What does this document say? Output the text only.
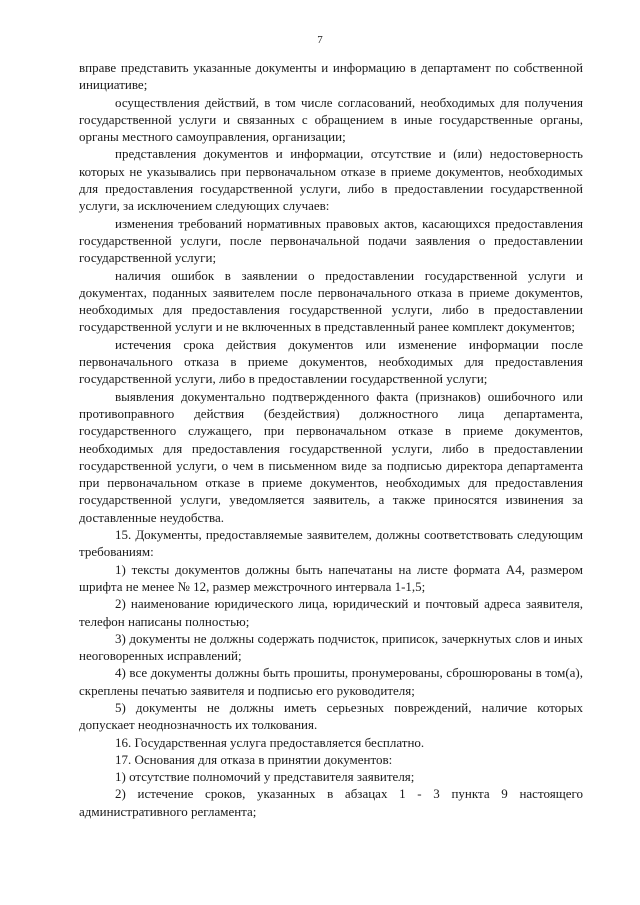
7

вправе представить указанные документы и информацию в департамент по собственной инициативе;

осуществления действий, в том числе согласований, необходимых для получения государственной услуги и связанных с обращением в иные государственные органы, органы местного самоуправления, организации;

представления документов и информации, отсутствие и (или) недостоверность которых не указывались при первоначальном отказе в приеме документов, необходимых для предоставления государственной услуги, либо в предоставлении государственной услуги, за исключением следующих случаев:

изменения требований нормативных правовых актов, касающихся предоставления государственной услуги, после первоначальной подачи заявления о предоставлении государственной услуги;

наличия ошибок в заявлении о предоставлении государственной услуги и документах, поданных заявителем после первоначального отказа в приеме документов, необходимых для предоставления государственной услуги, либо в предоставлении государственной услуги и не включенных в представленный ранее комплект документов;

истечения срока действия документов или изменение информации после первоначального отказа в приеме документов, необходимых для предоставления государственной услуги, либо в предоставлении государственной услуги;

выявления документально подтвержденного факта (признаков) ошибочного или противоправного действия (бездействия) должностного лица департамента, государственного служащего, при первоначальном отказе в приеме документов, необходимых для предоставления государственной услуги, либо в предоставлении государственной услуги, о чем в письменном виде за подписью директора департамента при первоначальном отказе в приеме документов, необходимых для предоставления государственной услуги, уведомляется заявитель, а также приносятся извинения за доставленные неудобства.

15. Документы, предоставляемые заявителем, должны соответствовать следующим требованиям:

1) тексты документов должны быть напечатаны на листе формата А4, размером шрифта не менее № 12, размер межстрочного интервала 1-1,5;

2) наименование юридического лица, юридический и почтовый адреса заявителя, телефон написаны полностью;

3) документы не должны содержать подчисток, приписок, зачеркнутых слов и иных неоговоренных исправлений;

4) все документы должны быть прошиты, пронумерованы, сброшюрованы в том(а), скреплены печатью заявителя и подписью его руководителя;

5) документы не должны иметь серьезных повреждений, наличие которых допускает неоднозначность их толкования.

16. Государственная услуга предоставляется бесплатно.

17. Основания для отказа в принятии документов:

1) отсутствие полномочий у представителя заявителя;

2) истечение сроков, указанных в абзацах 1 - 3 пункта 9 настоящего административного регламента;
